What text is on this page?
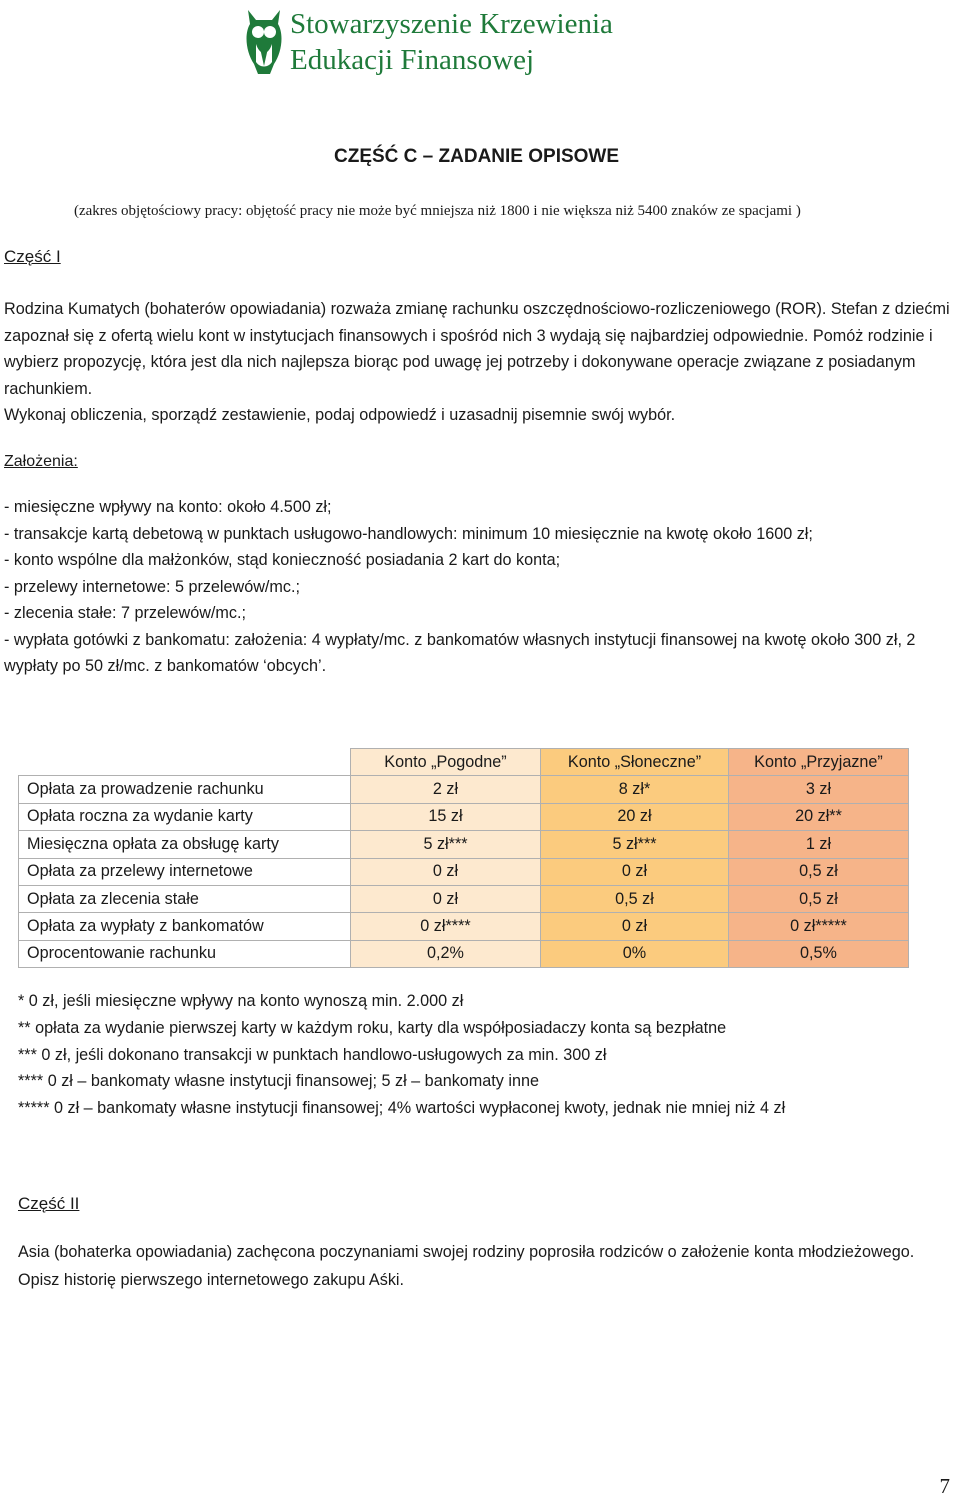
Stowarzyszenie Krzewienia
Edukacji Finansowej
CZĘŚĆ C – ZADANIE OPISOWE
(zakres objętościowy pracy: objętość pracy nie może być mniejsza niż 1800 i nie większa niż 5400 znaków ze spacjami )
Część I
Rodzina Kumatych (bohaterów opowiadania) rozważa zmianę rachunku oszczędnościowo-rozliczeniowego (ROR). Stefan z dziećmi zapoznał się z ofertą wielu kont w instytucjach finansowych i spośród nich 3 wydają się najbardziej odpowiednie. Pomóż rodzinie i wybierz propozycję, która jest dla nich najlepsza biorąc pod uwagę jej potrzeby i dokonywane operacje związane z posiadanym rachunkiem.
Wykonaj obliczenia, sporządź zestawienie, podaj odpowiedź i uzasadnij pisemnie swój wybór.
Założenia:
- miesięczne wpływy na konto: około 4.500 zł;
- transakcje kartą debetową w punktach usługowo-handlowych: minimum 10 miesięcznie na kwotę około 1600 zł;
- konto wspólne dla małżonków, stąd konieczność posiadania 2 kart do konta;
- przelewy internetowe: 5 przelewów/mc.;
- zlecenia stałe: 7 przelewów/mc.;
- wypłata gotówki z bankomatu: założenia: 4 wypłaty/mc. z bankomatów własnych instytucji finansowej na kwotę około 300 zł, 2 wypłaty po 50 zł/mc. z bankomatów ‘obcych’.
	Konto „Pogodne”	Konto „Słoneczne”	Konto „Przyjazne”
Opłata za prowadzenie rachunku	2 zł	8 zł*	3 zł
Opłata roczna za wydanie karty	15 zł	20 zł	20 zł**
Miesięczna opłata za obsługę karty	5 zł***	5 zł***	1 zł
Opłata za przelewy internetowe	0 zł	0 zł	0,5 zł
Opłata za zlecenia stałe	0 zł	0,5 zł	0,5 zł
Opłata za wypłaty z bankomatów	0 zł****	0 zł	0 zł*****
Oprocentowanie rachunku	0,2%	0%	0,5%
* 0 zł, jeśli miesięczne wpływy na konto wynoszą min. 2.000 zł
** opłata za wydanie pierwszej karty w każdym roku, karty dla współposiadaczy konta są bezpłatne
*** 0 zł, jeśli dokonano transakcji w punktach handlowo-usługowych za min. 300 zł
**** 0 zł – bankomaty własne instytucji finansowej; 5 zł – bankomaty inne
***** 0 zł – bankomaty własne instytucji finansowej; 4% wartości wypłaconej kwoty, jednak nie mniej niż 4 zł
Część II
Asia (bohaterka opowiadania) zachęcona poczynaniami swojej rodziny poprosiła rodziców o założenie konta młodzieżowego. Opisz historię pierwszego internetowego zakupu Aśki.
7
